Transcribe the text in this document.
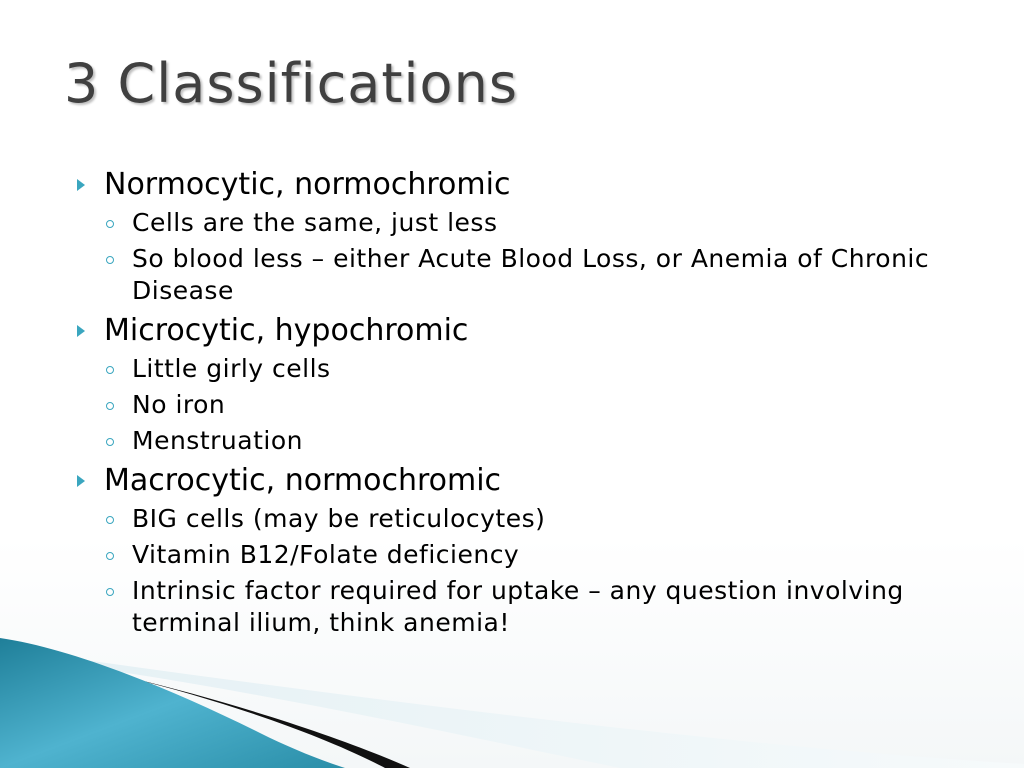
3 Classifications
Normocytic, normochromic
Cells are the same, just less
So blood less – either Acute Blood Loss, or Anemia of Chronic Disease
Microcytic, hypochromic
Little girly cells
No iron
Menstruation
Macrocytic, normochromic
BIG cells (may be reticulocytes)
Vitamin B12/Folate deficiency
Intrinsic factor required for uptake – any question involving terminal ilium, think anemia!
